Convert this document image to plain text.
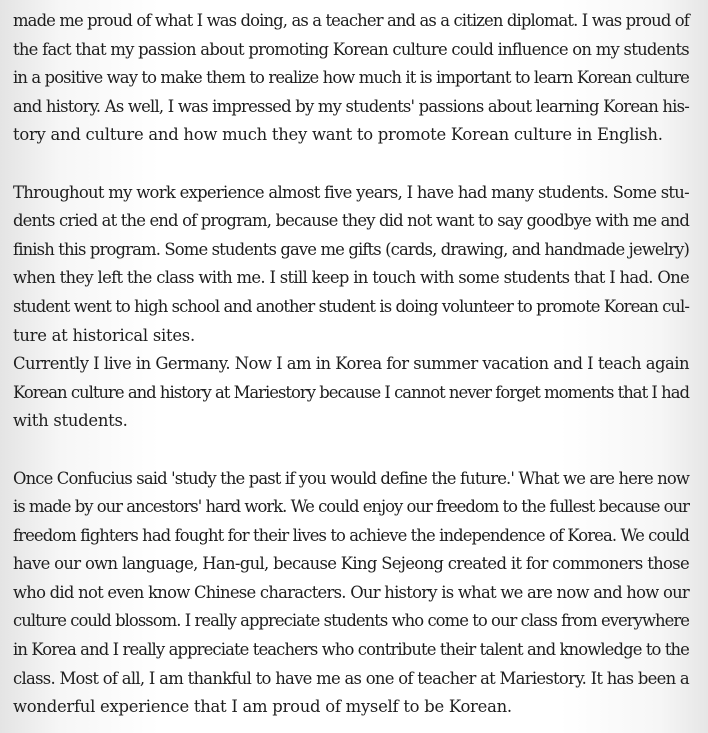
made me proud of what I was doing, as a teacher and as a citizen diplomat. I was proud of
the fact that my passion about promoting Korean culture could influence on my students
in a positive way to make them to realize how much it is important to learn Korean culture
and history. As well, I was impressed by my students' passions about learning Korean his-
tory and culture and how much they want to promote Korean culture in English.

Throughout my work experience almost five years, I have had many students. Some stu-
dents cried at the end of program, because they did not want to say goodbye with me and
finish this program. Some students gave me gifts (cards, drawing, and handmade jewelry)
when they left the class with me. I still keep in touch with some students that I had. One
student went to high school and another student is doing volunteer to promote Korean cul-
ture at historical sites.

Currently I live in Germany. Now I am in Korea for summer vacation and I teach again
Korean culture and history at Mariestory because I cannot never forget moments that I had
with students.

Once Confucius said 'study the past if you would define the future.' What we are here now
is made by our ancestors' hard work. We could enjoy our freedom to the fullest because our
freedom fighters had fought for their lives to achieve the independence of Korea. We could
have our own language, Han-gul, because King Sejeong created it for commoners those
who did not even know Chinese characters. Our history is what we are now and how our
culture could blossom. I really appreciate students who come to our class from everywhere
in Korea and I really appreciate teachers who contribute their talent and knowledge to the
class. Most of all, I am thankful to have me as one of teacher at Mariestory. It has been a
wonderful experience that I am proud of myself to be Korean.
